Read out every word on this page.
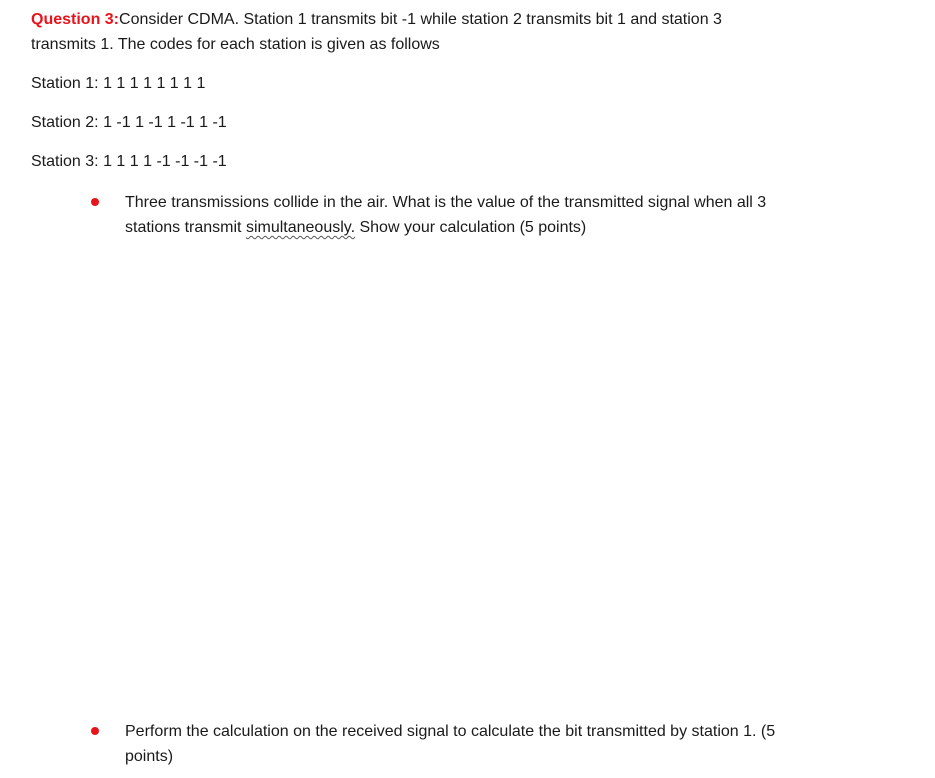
Question 3:Consider CDMA. Station 1 transmits bit -1 while station 2 transmits bit 1 and station 3
transmits 1. The codes for each station is given as follows
Station 1: 1 1 1 1 1 1 1 1
Station 2: 1 -1 1 -1 1 -1 1 -1
Station 3: 1 1 1 1 -1 -1 -1 -1
Three transmissions collide in the air. What is the value of the transmitted signal when all 3
stations transmit simultaneously. Show your calculation (5 points)
Perform the calculation on the received signal to calculate the bit transmitted by station 1. (5
points)
